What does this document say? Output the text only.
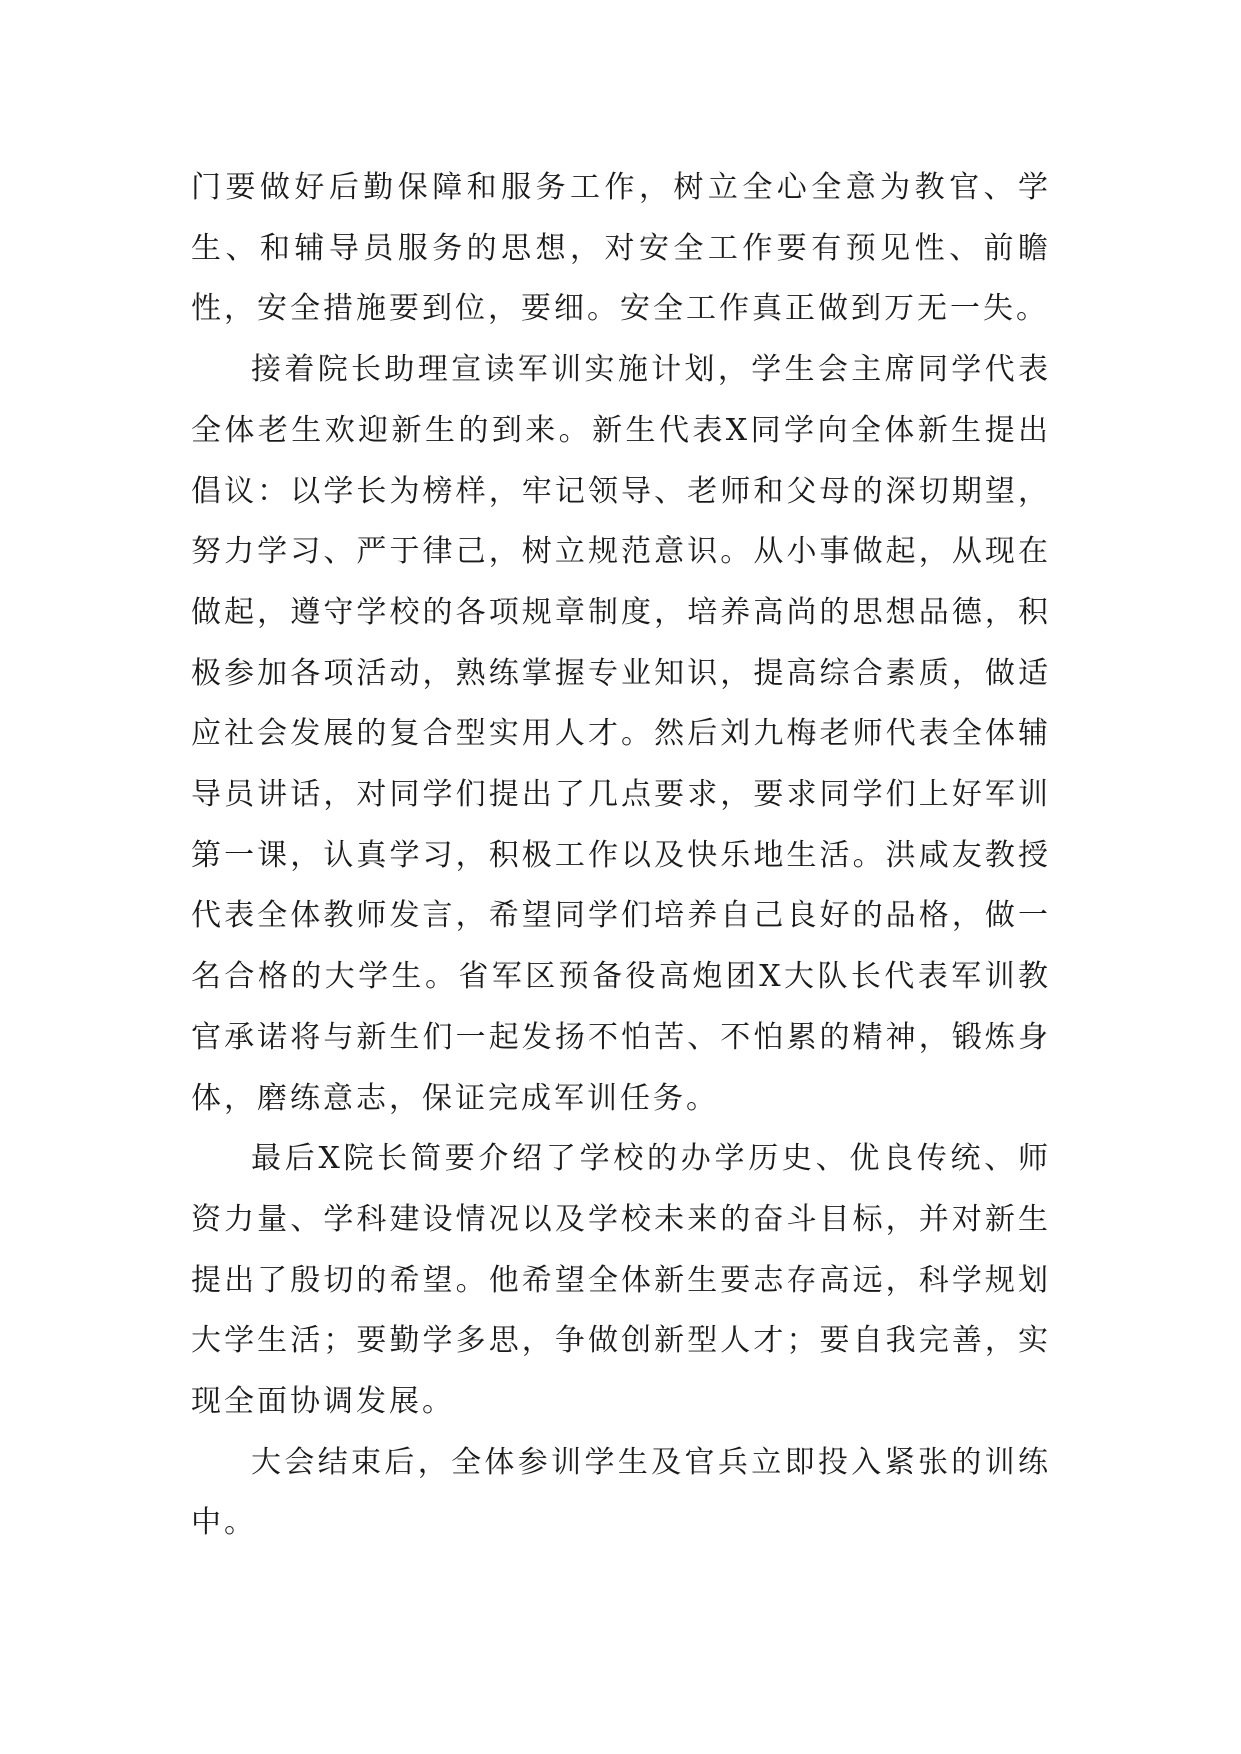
门要做好后勤保障和服务工作，树立全心全意为教官、学生、和辅导员服务的思想，对安全工作要有预见性、前瞻性，安全措施要到位，要细。安全工作真正做到万无一失。

接着院长助理宣读军训实施计划，学生会主席同学代表全体老生欢迎新生的到来。新生代表X同学向全体新生提出倡议：以学长为榜样，牢记领导、老师和父母的深切期望，努力学习、严于律己，树立规范意识。从小事做起，从现在做起，遵守学校的各项规章制度，培养高尚的思想品德，积极参加各项活动，熟练掌握专业知识，提高综合素质，做适应社会发展的复合型实用人才。然后刘九梅老师代表全体辅导员讲话，对同学们提出了几点要求，要求同学们上好军训第一课，认真学习，积极工作以及快乐地生活。洪咸友教授代表全体教师发言，希望同学们培养自己良好的品格，做一名合格的大学生。省军区预备役高炮团X大队长代表军训教官承诺将与新生们一起发扬不怕苦、不怕累的精神，锻炼身体，磨练意志，保证完成军训任务。

最后X院长简要介绍了学校的办学历史、优良传统、师资力量、学科建设情况以及学校未来的奋斗目标，并对新生提出了殷切的希望。他希望全体新生要志存高远，科学规划大学生活；要勤学多思，争做创新型人才；要自我完善，实现全面协调发展。

大会结束后，全体参训学生及官兵立即投入紧张的训练中。
